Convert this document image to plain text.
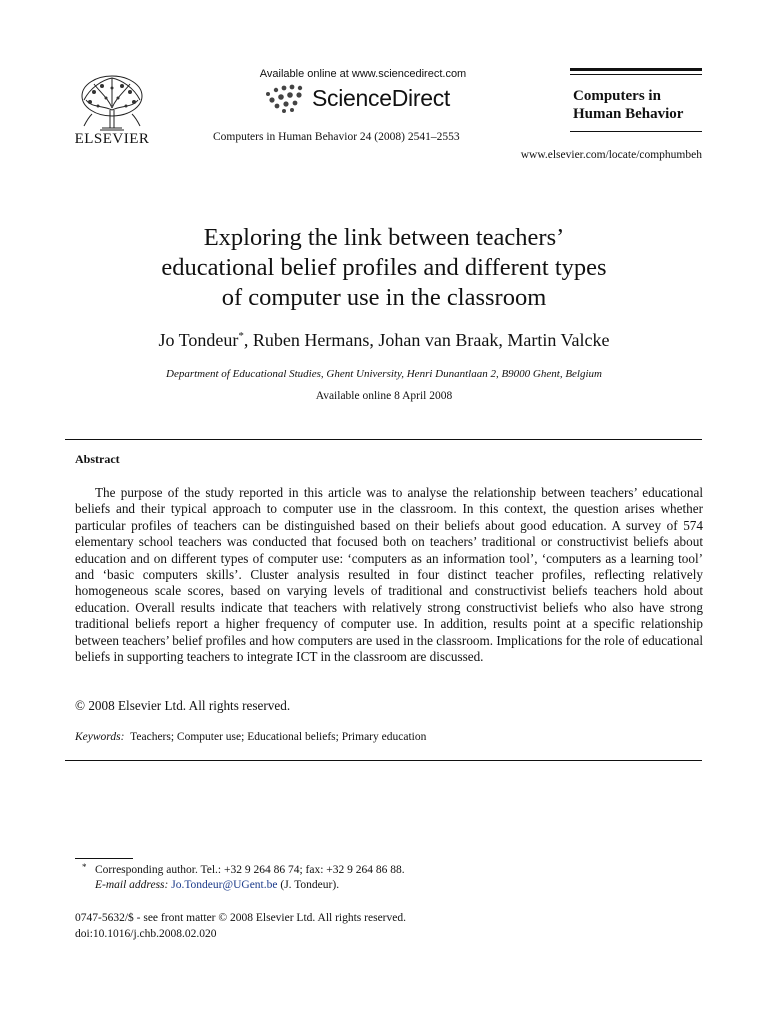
ELSEVIER
Available online at www.sciencedirect.com
ScienceDirect
Computers in Human Behavior 24 (2008) 2541–2553
Computers in
Human Behavior
www.elsevier.com/locate/comphumbeh
Exploring the link between teachers’
educational belief profiles and different types
of computer use in the classroom
Jo Tondeur*, Ruben Hermans, Johan van Braak, Martin Valcke
Department of Educational Studies, Ghent University, Henri Dunantlaan 2, B9000 Ghent, Belgium
Available online 8 April 2008
Abstract

The purpose of the study reported in this article was to analyse the relationship between teachers’ educational beliefs and their typical approach to computer use in the classroom. In this context, the question arises whether particular profiles of teachers can be distinguished based on their beliefs about good education. A survey of 574 elementary school teachers was conducted that focused both on teachers’ traditional or constructivist beliefs about education and on different types of computer use: ‘computers as an information tool’, ‘computers as a learning tool’ and ‘basic computers skills’. Cluster analysis resulted in four distinct teacher profiles, reflecting relatively homogeneous scale scores, based on varying levels of traditional and constructivist beliefs teachers hold about education. Overall results indicate that teachers with relatively strong constructivist beliefs who also have strong traditional beliefs report a higher frequency of computer use. In addition, results point at a specific relationship between teachers’ belief profiles and how computers are used in the classroom. Implications for the role of educational beliefs in supporting teachers to integrate ICT in the classroom are discussed.

© 2008 Elsevier Ltd. All rights reserved.
Keywords: Teachers; Computer use; Educational beliefs; Primary education
* Corresponding author. Tel.: +32 9 264 86 74; fax: +32 9 264 86 88.
E-mail address: Jo.Tondeur@UGent.be (J. Tondeur).
0747-5632/$ - see front matter © 2008 Elsevier Ltd. All rights reserved.
doi:10.1016/j.chb.2008.02.020
